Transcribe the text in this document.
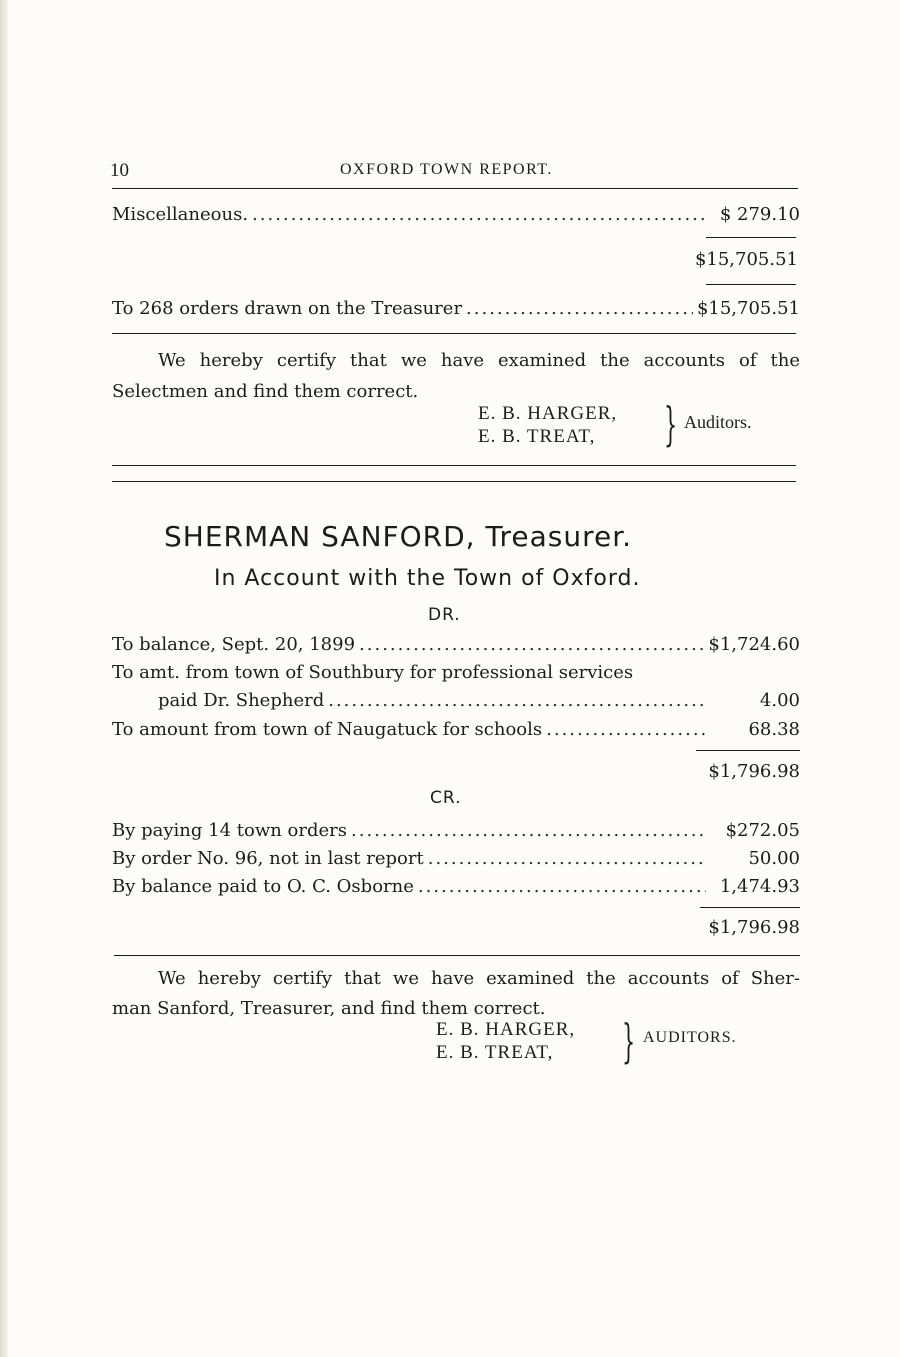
10	OXFORD TOWN REPORT.
Miscellaneous. .....	$ 279.10
$15,705.51
To 268 orders drawn on the Treasurer .....	$15,705.51
We hereby certify that we have examined the accounts of the
Selectmen and find them correct.
E. B. HARGER,
E. B. TREAT,	} Auditors.
SHERMAN SANFORD, Treasurer.
In Account with the Town of Oxford.
DR.
To balance, Sept. 20, 1899 .....	$1,724.60
To amt. from town of Southbury for professional services
paid Dr. Shepherd .....	4.00
To amount from town of Naugatuck for schools .....	68.38
$1,796.98
CR.
By paying 14 town orders .....	$272.05
By order No. 96, not in last report .....	50.00
By balance paid to O. C. Osborne .....	1,474.93
$1,796.98
We hereby certify that we have examined the accounts of Sher-
man Sanford, Treasurer, and find them correct.
E. B. HARGER,
E. B. TREAT,	} AUDITORS.
